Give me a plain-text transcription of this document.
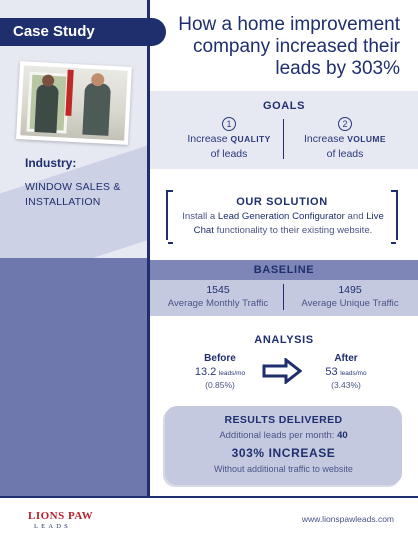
Case Study
Industry:
WINDOW SALES & INSTALLATION
How a home improvement company increased their leads by 303%
GOALS
1
Increase QUALITY
of leads
2
Increase VOLUME
of leads
OUR SOLUTION
Install a Lead Generation Configurator and Live Chat functionality to their existing website.
BASELINE
1545
Average Monthly Traffic
1495
Average Unique Traffic
ANALYSIS
Before
13.2 leads/mo
(0.85%)
After
53 leads/mo
(3.43%)
RESULTS DELIVERED
Additional leads per month: 40
303% INCREASE
Without additional traffic to website
LIONS PAW
LEADS
www.lionspawleads.com
